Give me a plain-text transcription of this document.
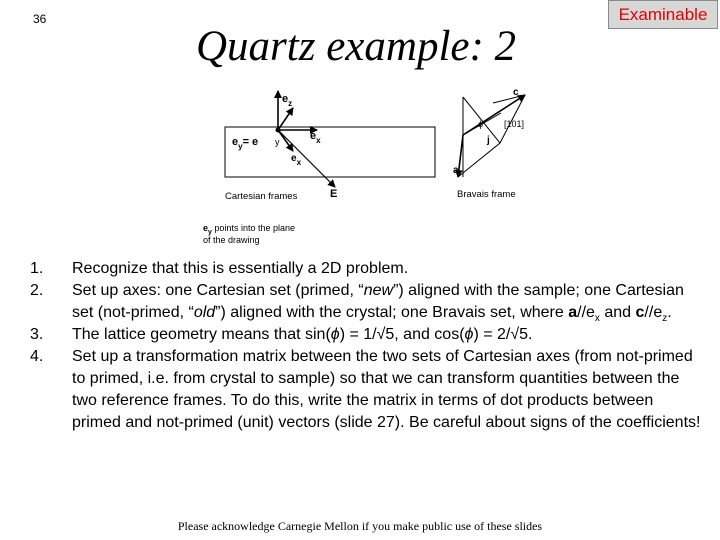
36
Quartz example: 2
Examinable
$e_z$
$e_y= e$ y	$e_x$
$e_x$
E
Cartesian frames
$e_y$ points into the plane
of the drawing
c
ϕ [101]
j
a
Bravais frame
1.	Recognize that this is essentially a 2D problem.
2.	Set up axes: one Cartesian set (primed, “new”) aligned with the sample; one Cartesian set (not-primed, “old”) aligned with the crystal; one Bravais set, where $a//e_x$ and $c//e_z$.
3.	The lattice geometry means that sin(ϕ) = 1/√5, and cos(ϕ) = 2/√5.
4.	Set up a transformation matrix between the two sets of Cartesian axes (from not-primed to primed, i.e. from crystal to sample) so that we can transform quantities between the two reference frames. To do this, write the matrix in terms of dot products between primed and not-primed (unit) vectors (slide 27). Be careful about signs of the coefficients!
Please acknowledge Carnegie Mellon if you make public use of these slides
